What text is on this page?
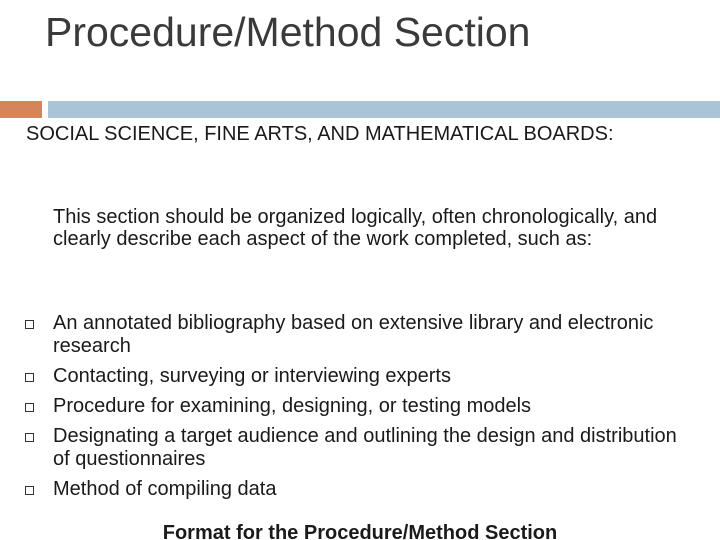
Procedure/Method Section
SOCIAL SCIENCE, FINE ARTS, AND MATHEMATICAL BOARDS:
This section should be organized logically, often chronologically, and clearly describe each aspect of the work completed, such as:
An annotated bibliography based on extensive library and electronic research
Contacting, surveying or interviewing experts
Procedure for examining, designing, or testing models
Designating a target audience and outlining the design and distribution of questionnaires
Method of compiling data
Format for the Procedure/Method Section
